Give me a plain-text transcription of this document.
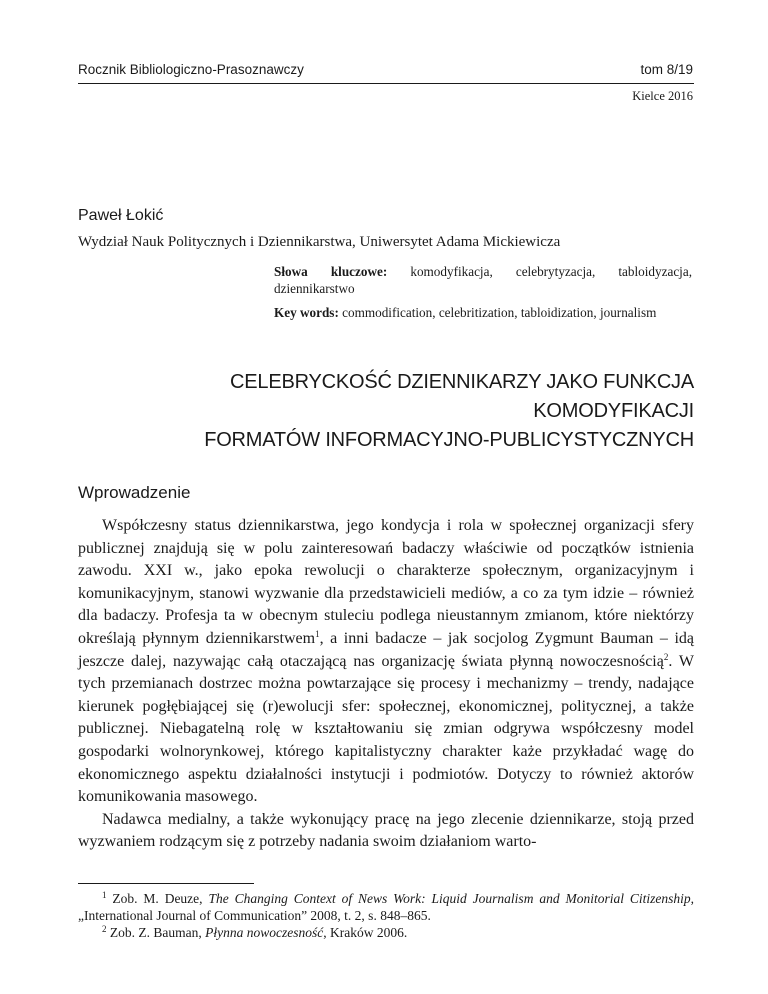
Rocznik Bibliologiczno-Prasoznawczy	tom 8/19
Kielce 2016
Paweł Łokić
Wydział Nauk Politycznych i Dziennikarstwa, Uniwersytet Adama Mickiewicza
Słowa kluczowe: komodyfikacja, celebrytyzacja, tabloidyzacja, dziennikarstwo
Key words: commodification, celebritization, tabloidization, journalism
CELEBRYCKOŚĆ DZIENNIKARZY JAKO FUNKCJA KOMODYFIKACJI
FORMATÓW INFORMACYJNO-PUBLICYSTYCZNYCH
Wprowadzenie

Współczesny status dziennikarstwa, jego kondycja i rola w społecznej organizacji sfery publicznej znajdują się w polu zainteresowań badaczy właściwie od początków istnienia zawodu. XXI w., jako epoka rewolucji o charakterze społecznym, organizacyjnym i komunikacyjnym, stanowi wyzwanie dla przedstawicieli mediów, a co za tym idzie – również dla badaczy. Profesja ta w obecnym stuleciu podlega nieustannym zmianom, które niektórzy określają płynnym dziennikarstwem$^1$, a inni badacze – jak socjolog Zygmunt Bauman – idą jeszcze dalej, nazywając całą otaczającą nas organizację świata płynną nowoczesnością$^2$. W tych przemianach dostrzec można powtarzające się procesy i mechanizmy – trendy, nadające kierunek pogłębiającej się (r)ewolucji sfer: społecznej, ekonomicznej, politycznej, a także publicznej. Niebagatelną rolę w kształtowaniu się zmian odgrywa współczesny model gospodarki wolnorynkowej, którego kapitalistyczny charakter każe przykładać wagę do ekonomicznego aspektu działalności instytucji i podmiotów. Dotyczy to również aktorów komunikowania masowego.

Nadawca medialny, a także wykonujący pracę na jego zlecenie dziennikarze, stoją przed wyzwaniem rodzącym się z potrzeby nadania swoim działaniom warto-

$^1$ Zob. M. Deuze, The Changing Context of News Work: Liquid Journalism and Monitorial Citizenship, „International Journal of Communication” 2008, t. 2, s. 848–865.

$^2$ Zob. Z. Bauman, Płynna nowoczesność, Kraków 2006.
